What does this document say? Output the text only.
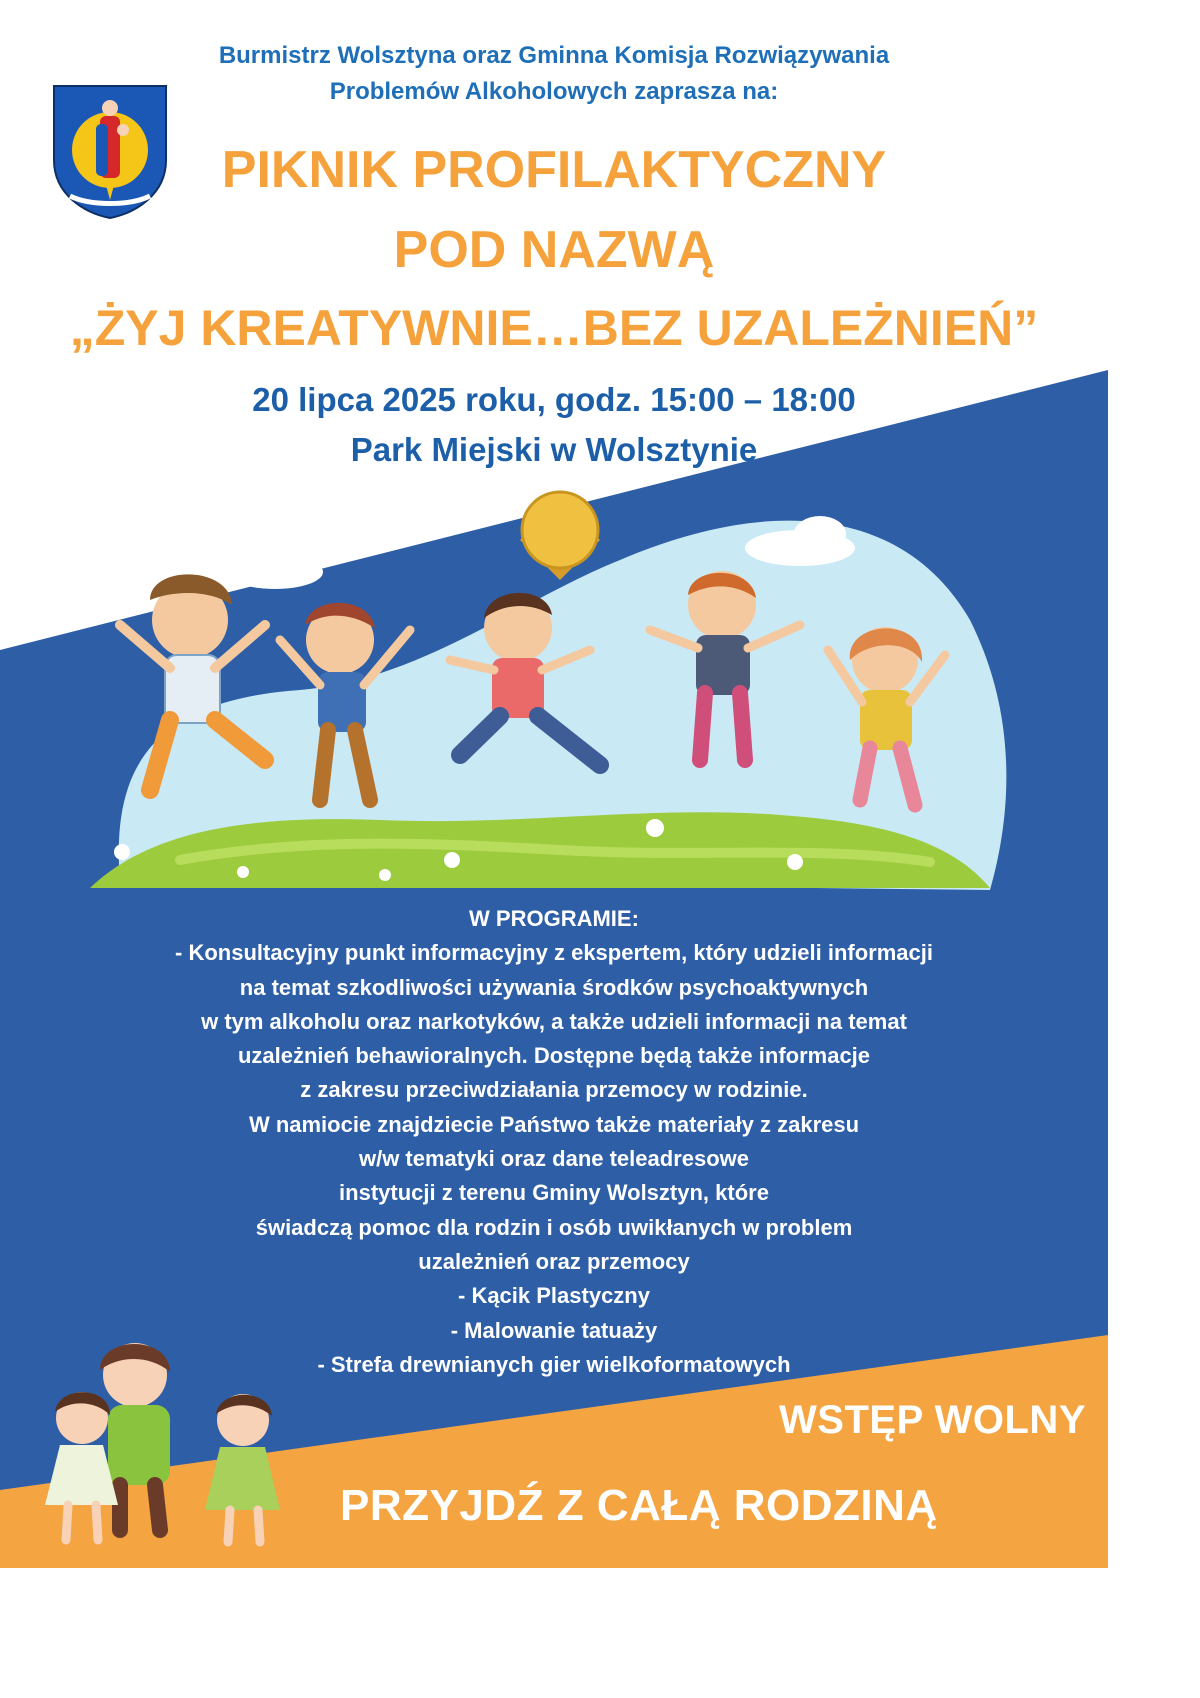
Burmistrz Wolsztyna oraz Gminna Komisja Rozwiązywania
Problemów Alkoholowych zaprasza na:
PIKNIK PROFILAKTYCZNY
POD NAZWĄ
„ŻYJ KREATYWNIE…BEZ UZALEŻNIEŃ”
20 lipca 2025 roku, godz. 15:00 – 18:00
Park Miejski w Wolsztynie
W PROGRAMIE:
- Konsultacyjny punkt informacyjny z ekspertem, który udzieli informacji
na temat szkodliwości używania środków psychoaktywnych
w tym alkoholu oraz narkotyków, a także udzieli informacji na temat
uzależnień behawioralnych. Dostępne będą także informacje
z zakresu przeciwdziałania przemocy w rodzinie.
W namiocie znajdziecie Państwo także materiały z zakresu
w/w tematyki oraz dane teleadresowe
instytucji z terenu Gminy Wolsztyn, które
świadczą pomoc dla rodzin i osób uwikłanych w problem
uzależnień oraz przemocy
- Kącik Plastyczny
- Malowanie tatuaży
- Strefa drewnianych gier wielkoformatowych
WSTĘP WOLNY
PRZYJDŹ Z CAŁĄ RODZINĄ
